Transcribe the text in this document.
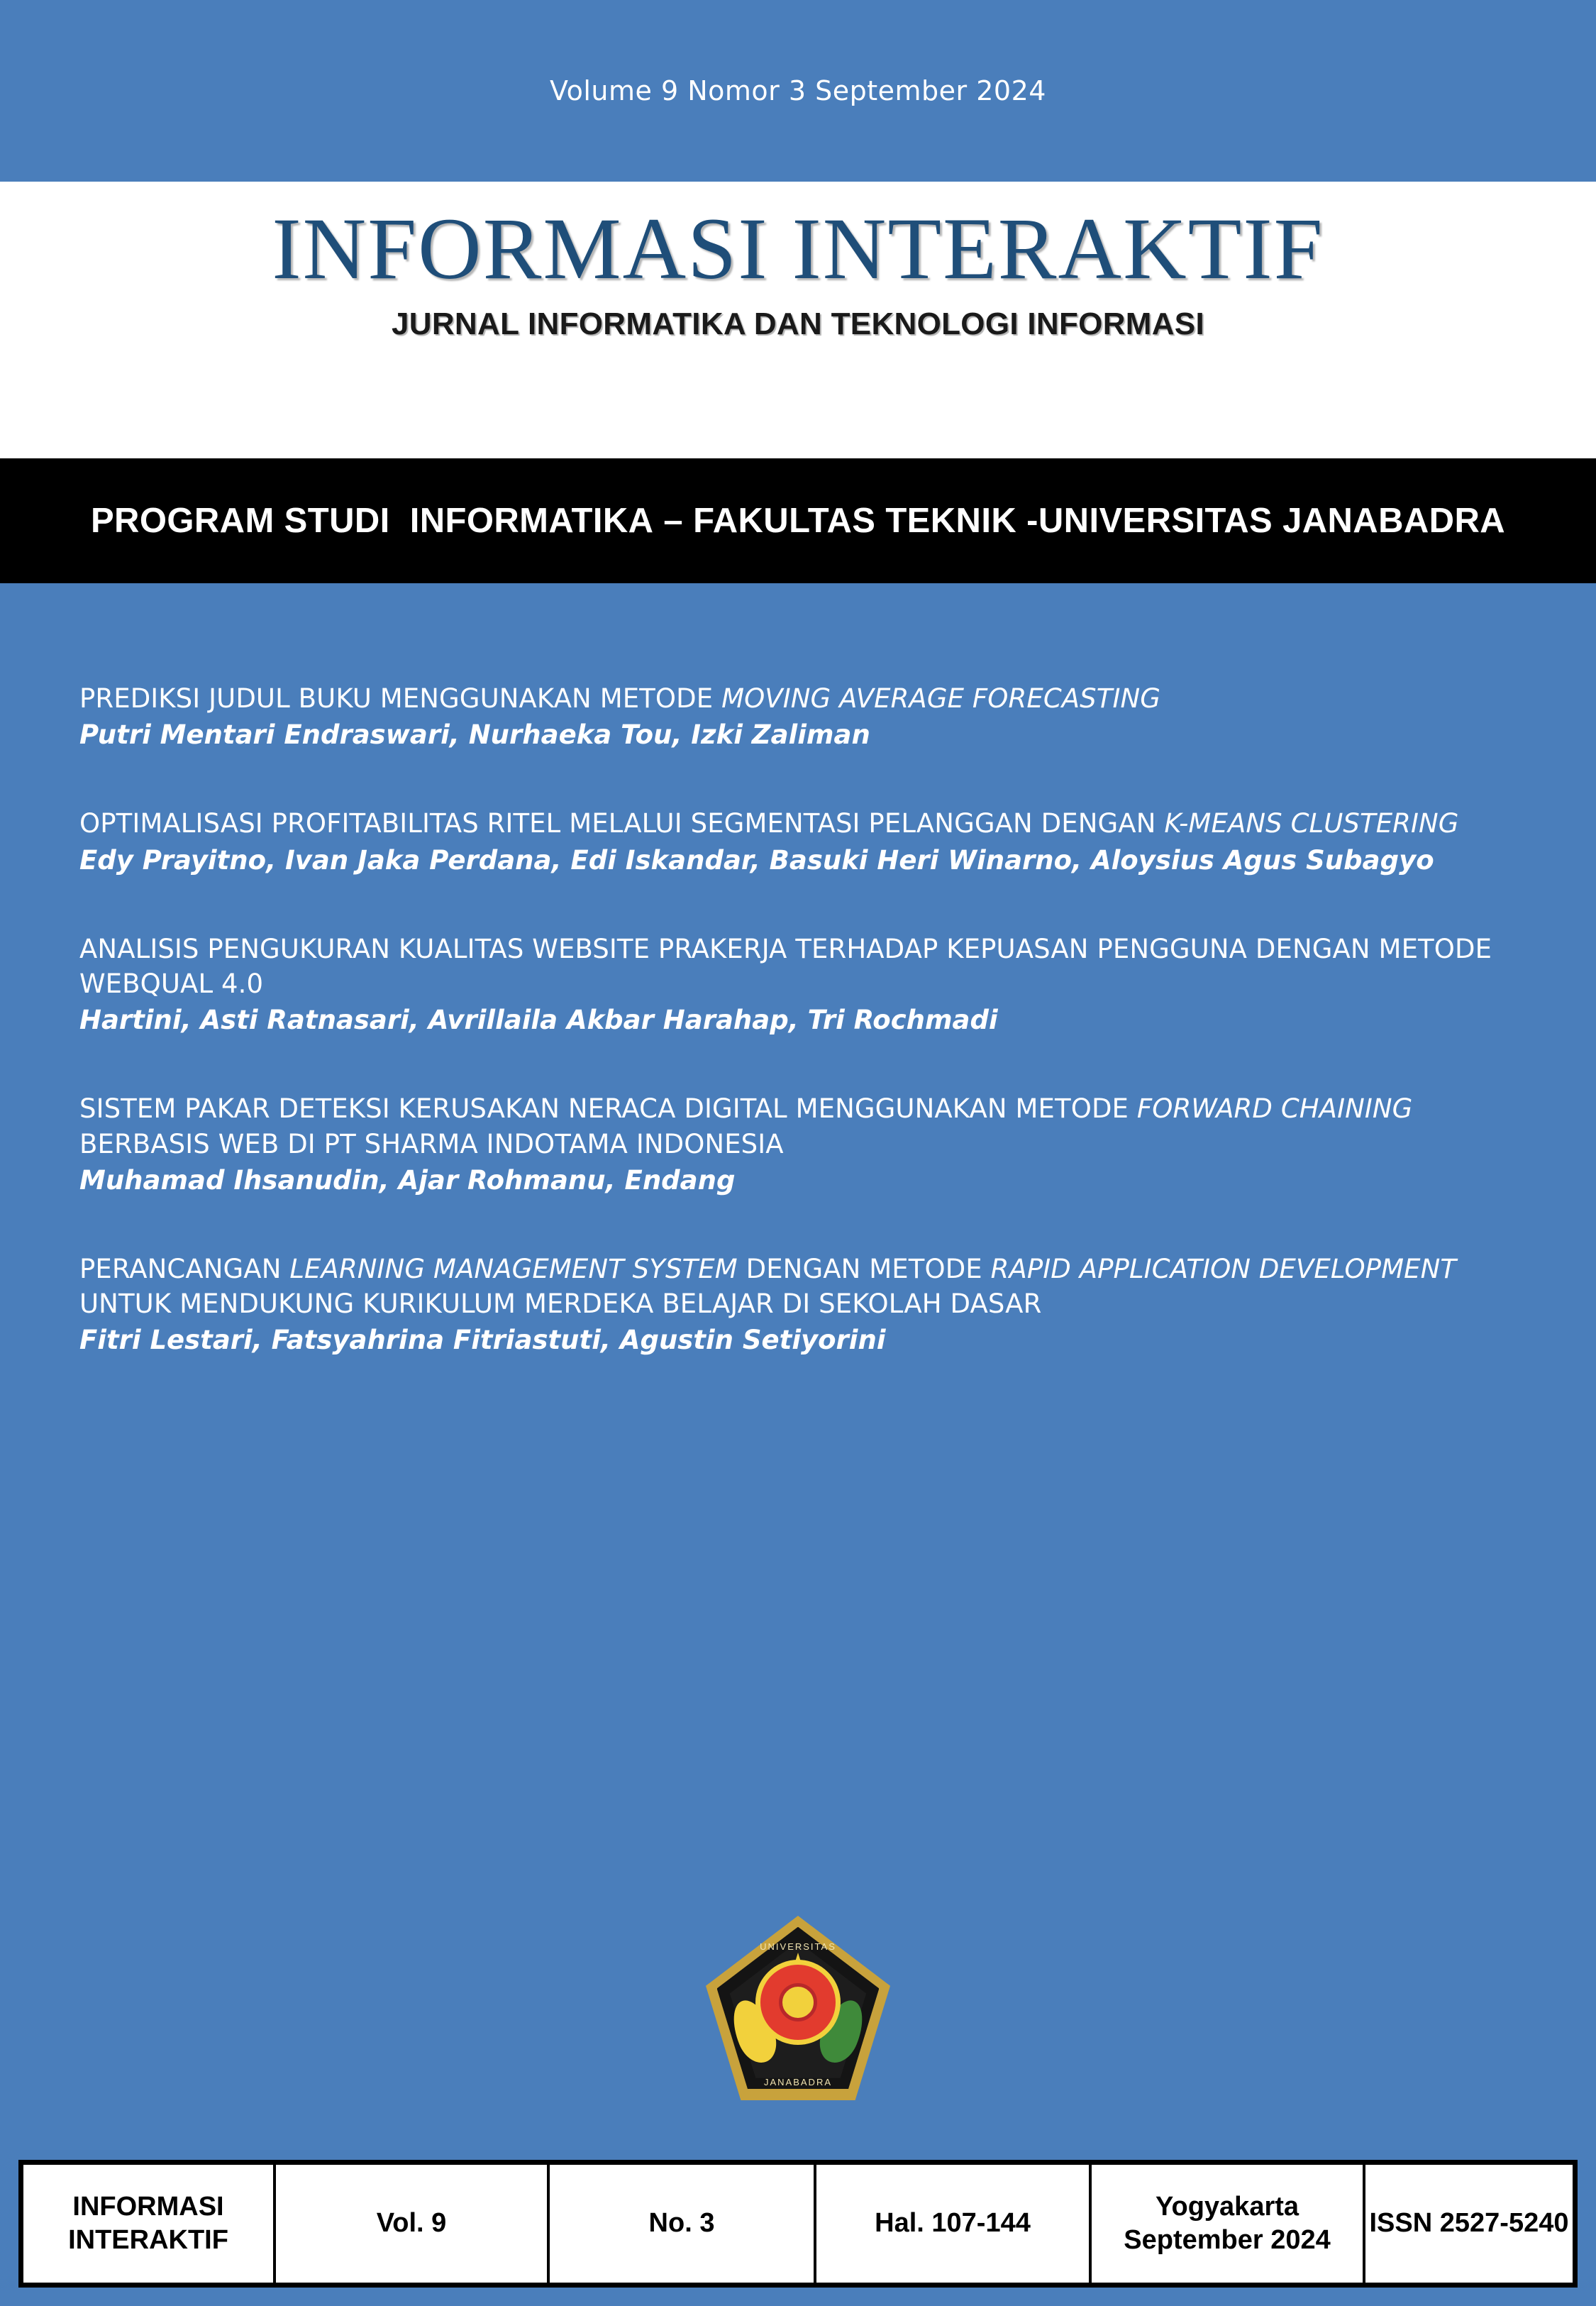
Volume 9 Nomor 3 September 2024
INFORMASI INTERAKTIF
JURNAL INFORMATIKA DAN TEKNOLOGI INFORMASI
PROGRAM STUDI  INFORMATIKA – FAKULTAS TEKNIK -UNIVERSITAS JANABADRA
PREDIKSI JUDUL BUKU MENGGUNAKAN METODE MOVING AVERAGE FORECASTING
Putri Mentari Endraswari, Nurhaeka Tou, Izki Zaliman
OPTIMALISASI PROFITABILITAS RITEL MELALUI SEGMENTASI PELANGGAN DENGAN K-MEANS CLUSTERING
Edy Prayitno, Ivan Jaka Perdana, Edi Iskandar, Basuki Heri Winarno, Aloysius Agus Subagyo
ANALISIS PENGUKURAN KUALITAS WEBSITE PRAKERJA TERHADAP KEPUASAN PENGGUNA DENGAN METODE WEBQUAL 4.0
Hartini, Asti Ratnasari, Avrillaila Akbar Harahap, Tri Rochmadi
SISTEM PAKAR DETEKSI KERUSAKAN NERACA DIGITAL MENGGUNAKAN METODE FORWARD CHAINING BERBASIS WEB DI PT SHARMA INDOTAMA INDONESIA
Muhamad Ihsanudin, Ajar Rohmanu, Endang
PERANCANGAN LEARNING MANAGEMENT SYSTEM DENGAN METODE RAPID APPLICATION DEVELOPMENT UNTUK MENDUKUNG KURIKULUM MERDEKA BELAJAR DI SEKOLAH DASAR
Fitri Lestari, Fatsyahrina Fitriastuti, Agustin Setiyorini
UNIVERSITAS
JANABADRA
INFORMASI INTERAKTIF
Vol. 9	No. 3	Hal. 107-144
Yogyakarta September 2024
ISSN 2527-5240
